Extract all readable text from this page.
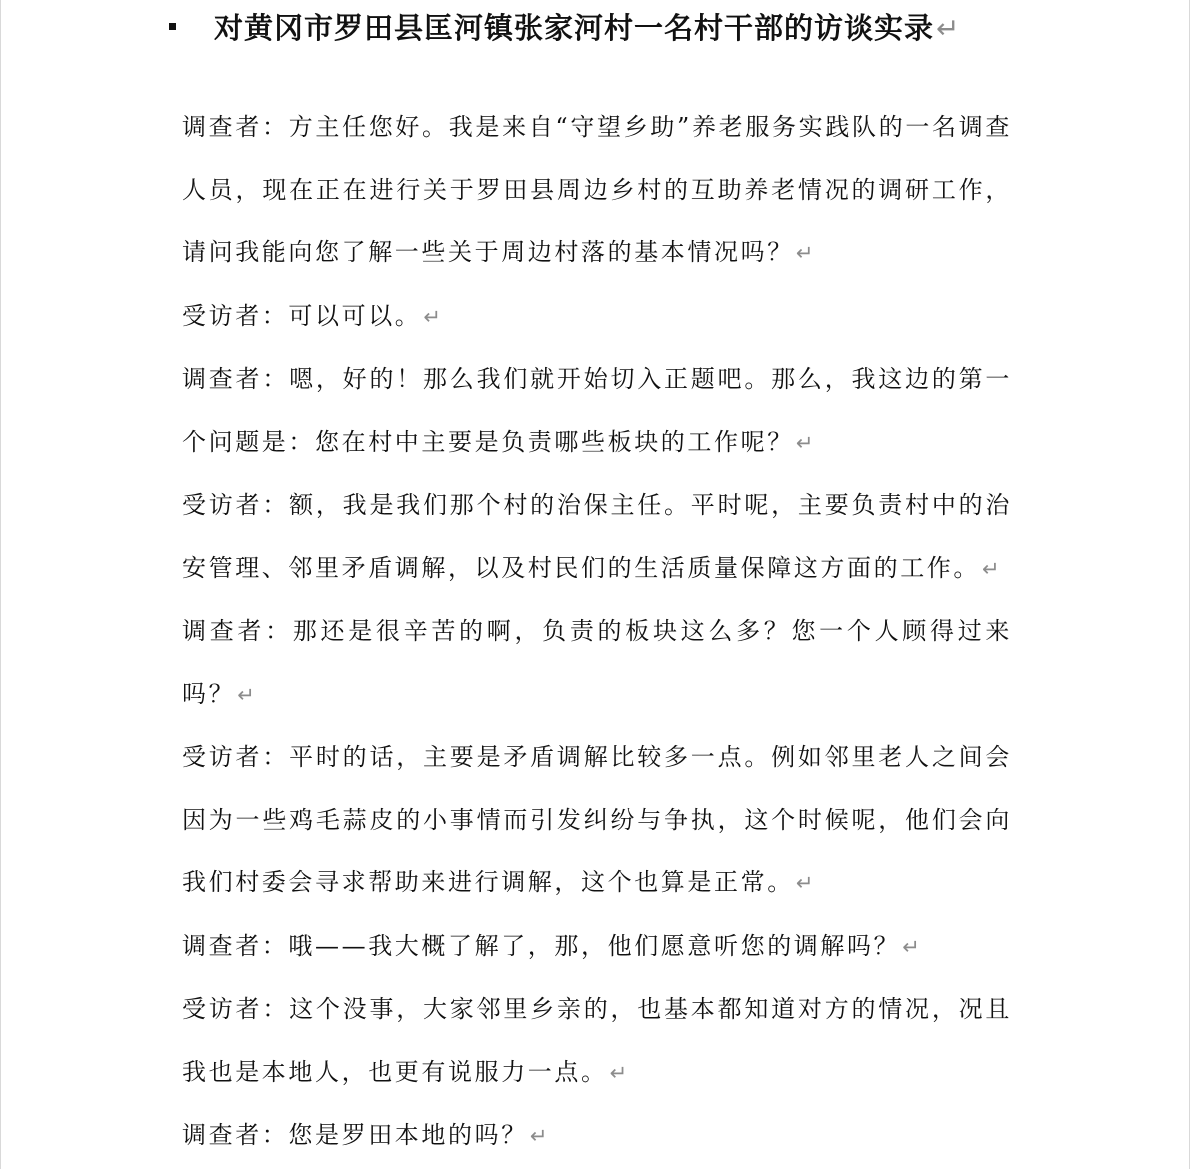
对黄冈市罗田县匡河镇张家河村一名村干部的访谈实录↵

调查者：方主任您好。我是来自“守望乡助”养老服务实践队的一名调查人员，现在正在进行关于罗田县周边乡村的互助养老情况的调研工作，请问我能向您了解一些关于周边村落的基本情况吗？↵

受访者：可以可以。↵

调查者：嗯，好的！那么我们就开始切入正题吧。那么，我这边的第一个问题是：您在村中主要是负责哪些板块的工作呢？↵

受访者：额，我是我们那个村的治保主任。平时呢，主要负责村中的治安管理、邻里矛盾调解，以及村民们的生活质量保障这方面的工作。↵

调查者：那还是很辛苦的啊，负责的板块这么多？您一个人顾得过来吗？↵

受访者：平时的话，主要是矛盾调解比较多一点。例如邻里老人之间会因为一些鸡毛蒜皮的小事情而引发纠纷与争执，这个时候呢，他们会向我们村委会寻求帮助来进行调解，这个也算是正常。↵

调查者：哦——我大概了解了，那，他们愿意听您的调解吗？↵

受访者：这个没事，大家邻里乡亲的，也基本都知道对方的情况，况且我也是本地人，也更有说服力一点。↵

调查者：您是罗田本地的吗？↵
